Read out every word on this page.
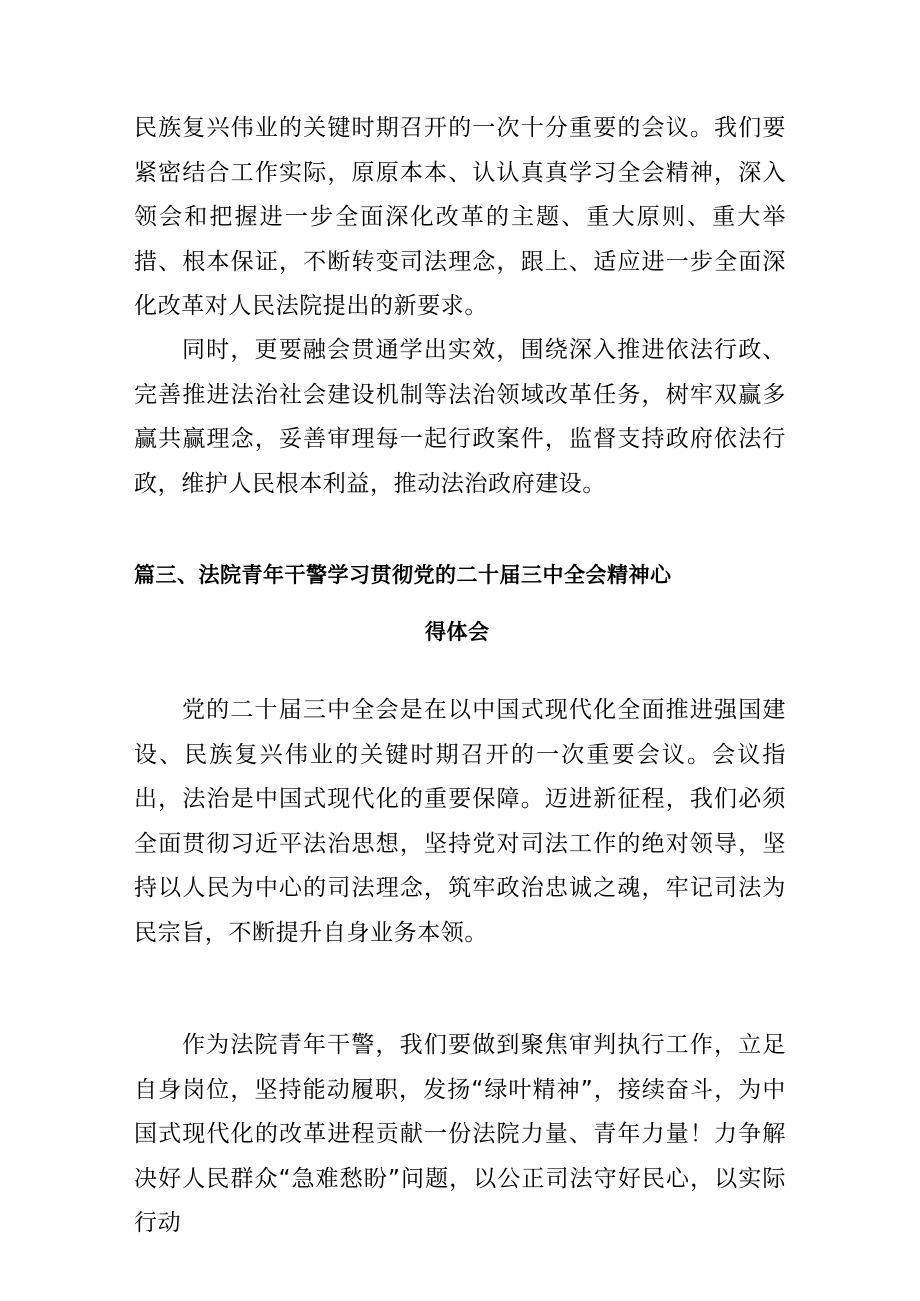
民族复兴伟业的关键时期召开的一次十分重要的会议。我们要紧密结合工作实际，原原本本、认认真真学习全会精神，深入领会和把握进一步全面深化改革的主题、重大原则、重大举措、根本保证，不断转变司法理念，跟上、适应进一步全面深化改革对人民法院提出的新要求。

同时，更要融会贯通学出实效，围绕深入推进依法行政、完善推进法治社会建设机制等法治领域改革任务，树牢双赢多赢共赢理念，妥善审理每一起行政案件，监督支持政府依法行政，维护人民根本利益，推动法治政府建设。

篇三、法院青年干警学习贯彻党的二十届三中全会精神心
得体会

党的二十届三中全会是在以中国式现代化全面推进强国建设、民族复兴伟业的关键时期召开的一次重要会议。会议指出，法治是中国式现代化的重要保障。迈进新征程，我们必须全面贯彻习近平法治思想，坚持党对司法工作的绝对领导，坚持以人民为中心的司法理念，筑牢政治忠诚之魂，牢记司法为民宗旨，不断提升自身业务本领。

作为法院青年干警，我们要做到聚焦审判执行工作，立足自身岗位，坚持能动履职，发扬“绿叶精神”，接续奋斗，为中国式现代化的改革进程贡献一份法院力量、青年力量！力争解决好人民群众“急难愁盼”问题，以公正司法守好民心，以实际行动
